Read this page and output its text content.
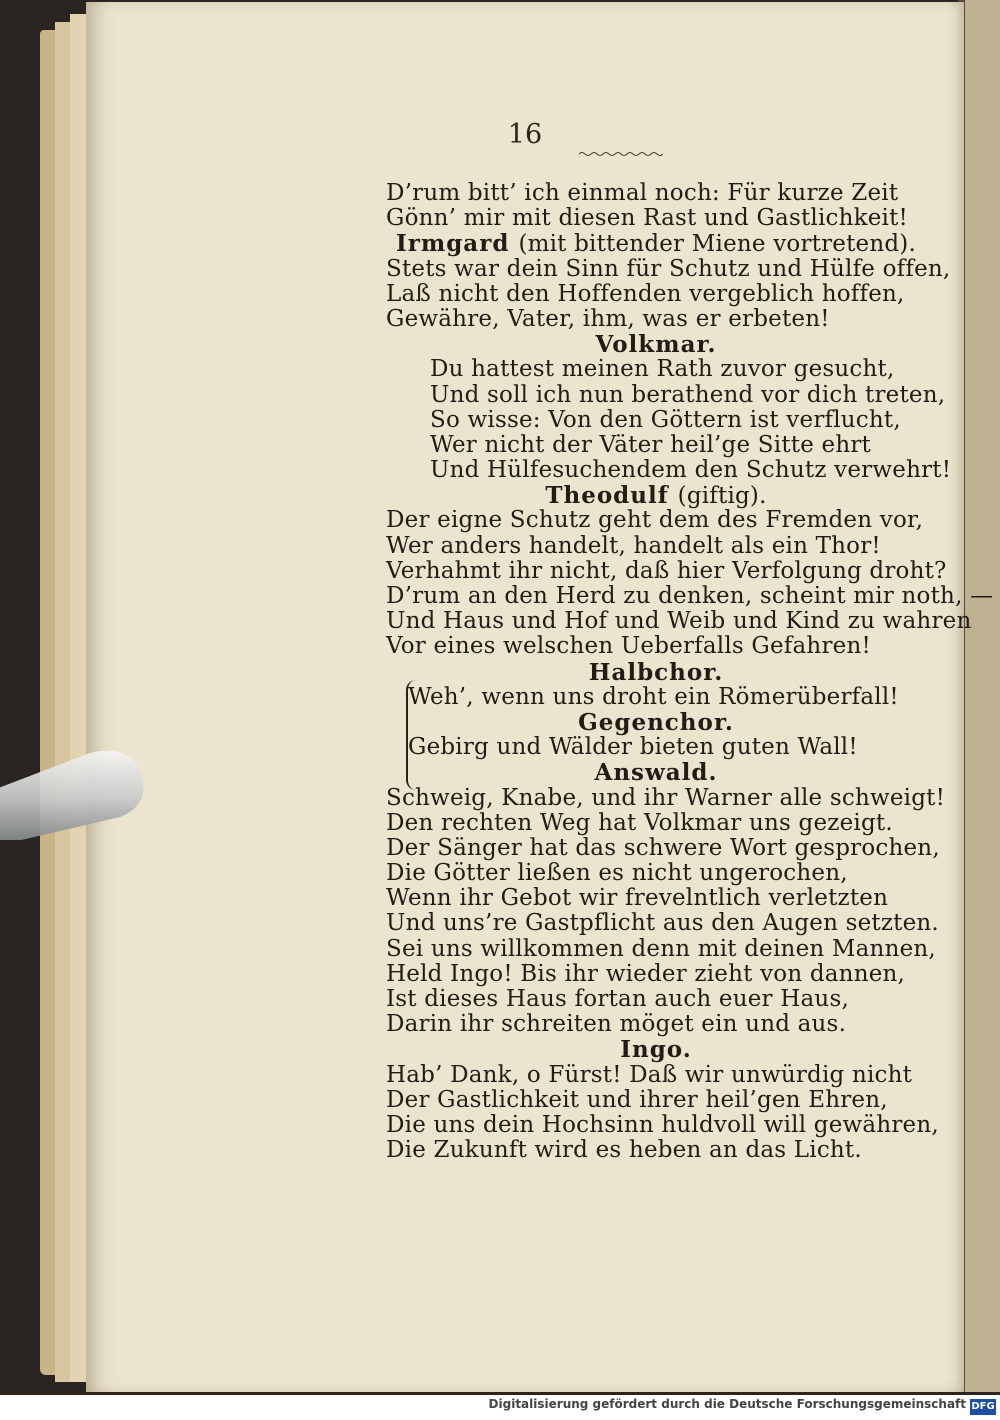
16
D’rum bitt’ ich einmal noch: Für kurze Zeit
Gönn’ mir mit diesen Rast und Gastlichkeit!
Irmgard (mit bittender Miene vortretend).
Stets war dein Sinn für Schutz und Hülfe offen,
Laß nicht den Hoffenden vergeblich hoffen,
Gewähre, Vater, ihm, was er erbeten!
Volkmar.
Du hattest meinen Rath zuvor gesucht,
Und soll ich nun berathend vor dich treten,
So wisse: Von den Göttern ist verflucht,
Wer nicht der Väter heil’ge Sitte ehrt
Und Hülfesuchendem den Schutz verwehrt!
Theodulf (giftig).
Der eigne Schutz geht dem des Fremden vor,
Wer anders handelt, handelt als ein Thor!
Verhahmt ihr nicht, daß hier Verfolgung droht?
D’rum an den Herd zu denken, scheint mir noth, —
Und Haus und Hof und Weib und Kind zu wahren
Vor eines welschen Ueberfalls Gefahren!
Halbchor.
Weh’, wenn uns droht ein Römerüberfall!
Gegenchor.
Gebirg und Wälder bieten guten Wall!
Answald.
Schweig, Knabe, und ihr Warner alle schweigt!
Den rechten Weg hat Volkmar uns gezeigt.
Der Sänger hat das schwere Wort gesprochen,
Die Götter ließen es nicht ungerochen,
Wenn ihr Gebot wir frevelntlich verletzten
Und uns’re Gastpflicht aus den Augen setzten.
Sei uns willkommen denn mit deinen Mannen,
Held Ingo! Bis ihr wieder zieht von dannen,
Ist dieses Haus fortan auch euer Haus,
Darin ihr schreiten möget ein und aus.
Ingo.
Hab’ Dank, o Fürst! Daß wir unwürdig nicht
Der Gastlichkeit und ihrer heil’gen Ehren,
Die uns dein Hochsinn huldvoll will gewähren,
Die Zukunft wird es heben an das Licht.
Digitalisierung gefördert durch die Deutsche Forschungsgemeinschaft DFG
